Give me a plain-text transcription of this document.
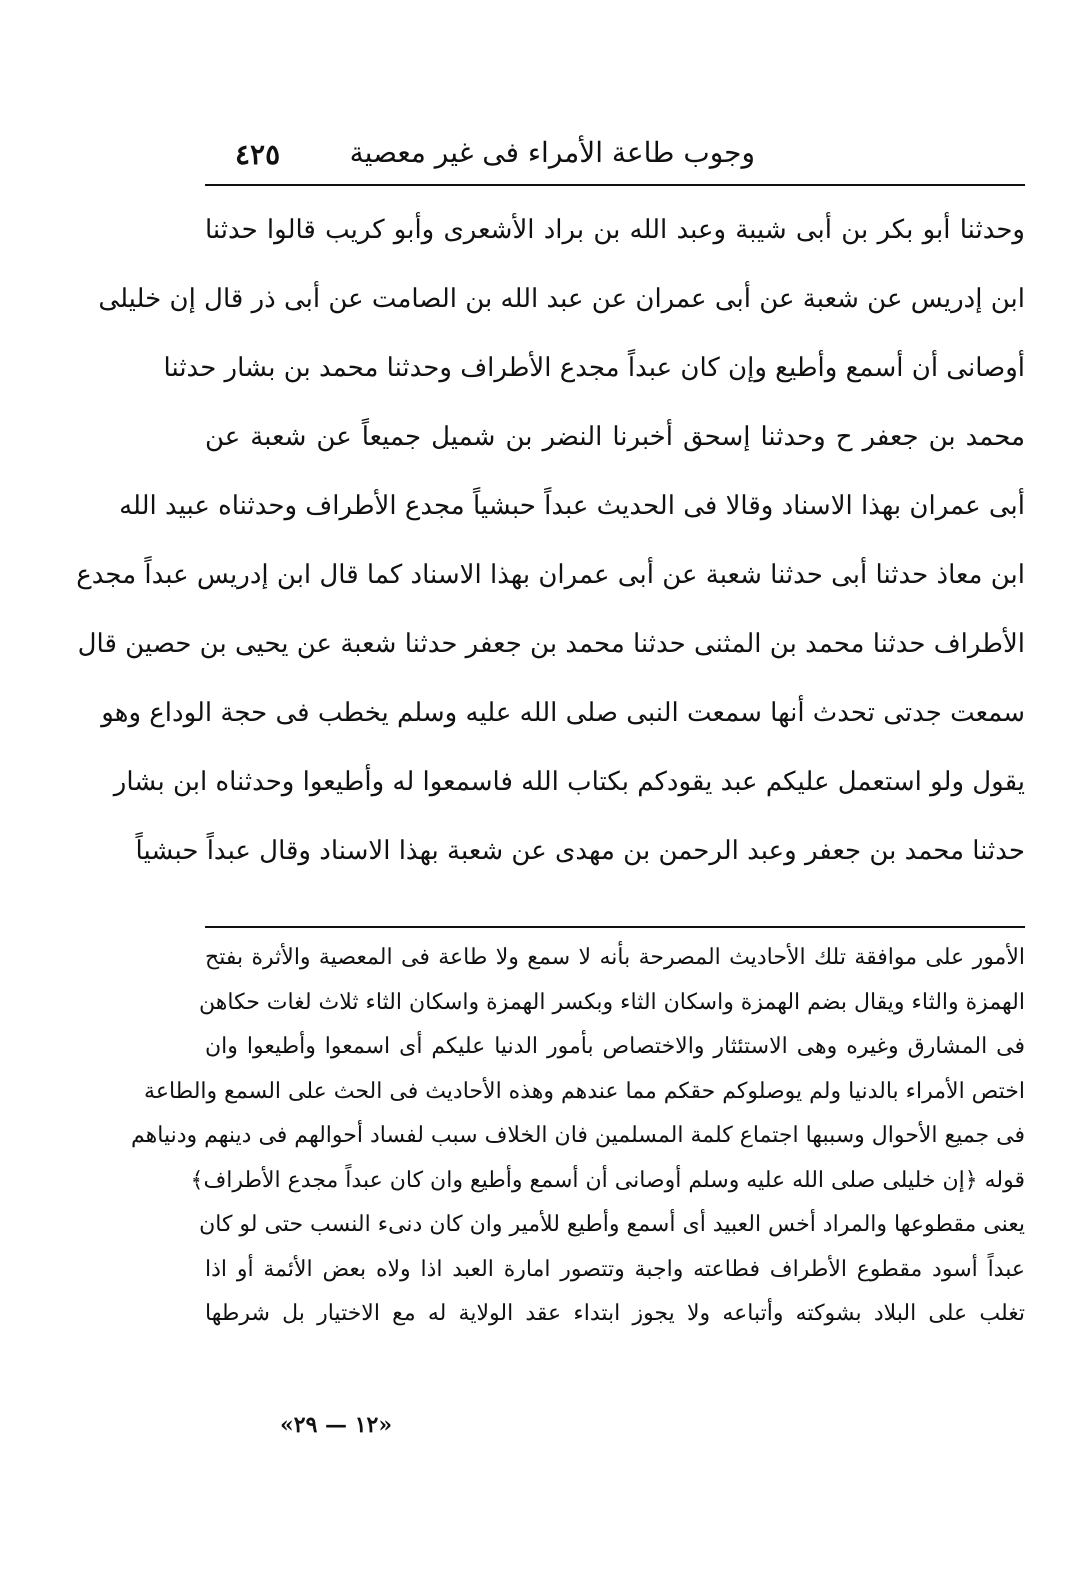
وجوب طاعة الأمراء فى غير معصية
٤٢٥
وحدثنا أبو بكر بن أبى شيبة وعبد الله بن براد الأشعرى وأبو كريب قالوا حدثنا
ابن إدريس عن شعبة عن أبى عمران عن عبد الله بن الصامت عن أبى ذر قال إن خليلى
أوصانى أن أسمع وأطيع وإن كان عبداً مجدع الأطراف وحدثنا محمد بن بشار حدثنا
محمد بن جعفر ح وحدثنا إسحق أخبرنا النضر بن شميل جميعاً عن شعبة عن
أبى عمران بهذا الاسناد وقالا فى الحديث عبداً حبشياً مجدع الأطراف وحدثناه عبيد الله
ابن معاذ حدثنا أبى حدثنا شعبة عن أبى عمران بهذا الاسناد كما قال ابن إدريس عبداً مجدع
الأطراف حدثنا محمد بن المثنى حدثنا محمد بن جعفر حدثنا شعبة عن يحيى بن حصين قال
سمعت جدتى تحدث أنها سمعت النبى صلى الله عليه وسلم يخطب فى حجة الوداع وهو
يقول ولو استعمل عليكم عبد يقودكم بكتاب الله فاسمعوا له وأطيعوا وحدثناه ابن بشار
حدثنا محمد بن جعفر وعبد الرحمن بن مهدى عن شعبة بهذا الاسناد وقال عبداً حبشياً
الأمور على موافقة تلك الأحاديث المصرحة بأنه لا سمع ولا طاعة فى المعصية والأثرة بفتح
الهمزة والثاء ويقال بضم الهمزة واسكان الثاء وبكسر الهمزة واسكان الثاء ثلاث لغات حكاهن
فى المشارق وغيره وهى الاستئثار والاختصاص بأمور الدنيا عليكم أى اسمعوا وأطيعوا وان
اختص الأمراء بالدنيا ولم يوصلوكم حقكم مما عندهم وهذه الأحاديث فى الحث على السمع والطاعة
فى جميع الأحوال وسببها اجتماع كلمة المسلمين فان الخلاف سبب لفساد أحوالهم فى دينهم ودنياهم
قوله ﴿إن خليلى صلى الله عليه وسلم أوصانى أن أسمع وأطيع وان كان عبداً مجدع الأطراف﴾
يعنى مقطوعها والمراد أخس العبيد أى أسمع وأطيع للأمير وان كان دنىء النسب حتى لو كان
عبداً أسود مقطوع الأطراف فطاعته واجبة وتتصور امارة العبد اذا ولاه بعض الأئمة أو اذا
تغلب على البلاد بشوكته وأتباعه ولا يجوز ابتداء عقد الولاية له مع الاختيار بل شرطها
«١٢ — ٢٩»
